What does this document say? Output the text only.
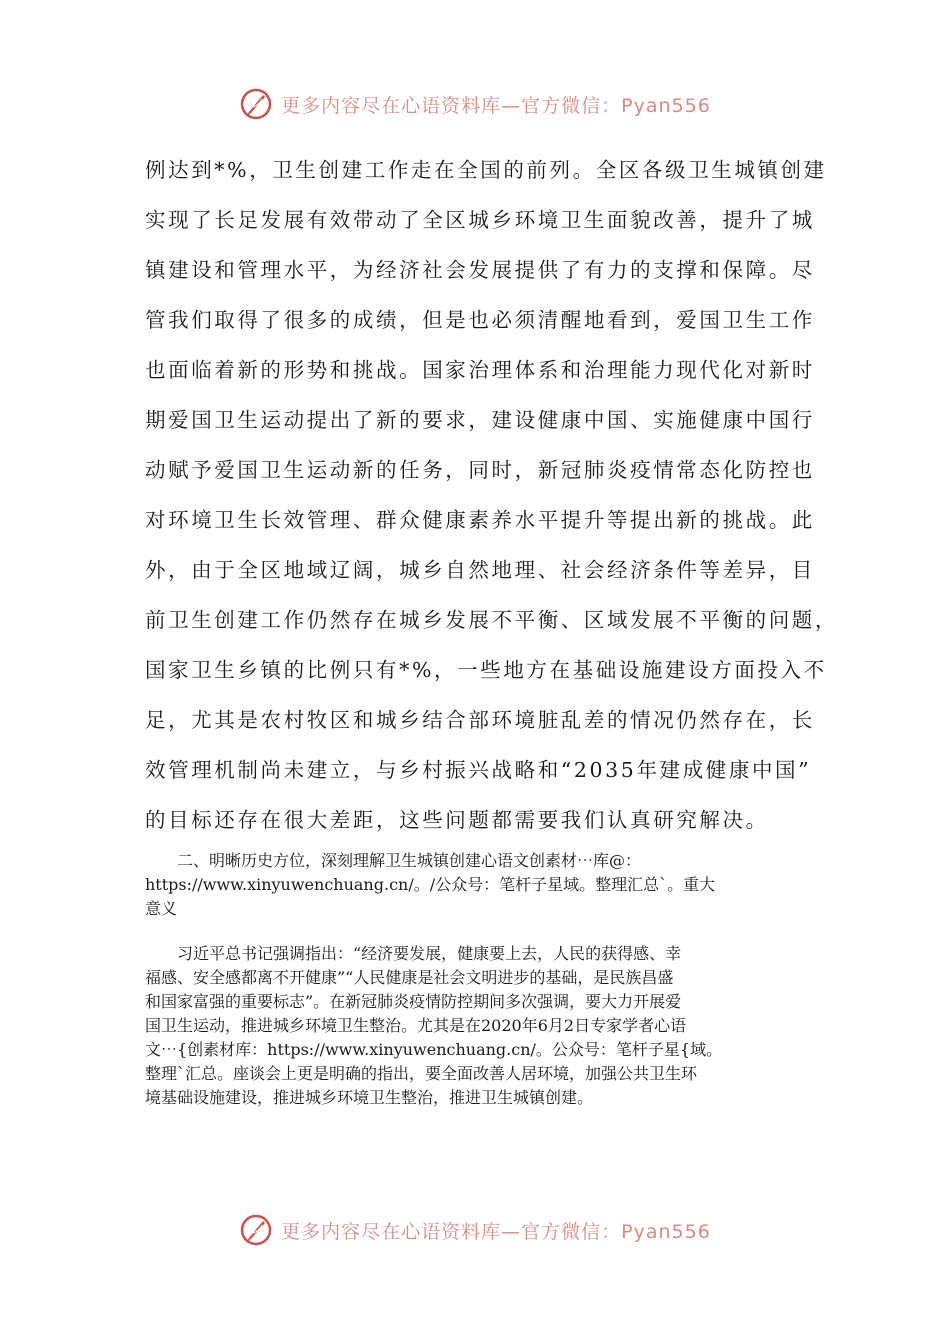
更多内容尽在心语资料库—官方微信：Pyan556
例达到*%，卫生创建工作走在全国的前列。全区各级卫生城镇创建
实现了长足发展有效带动了全区城乡环境卫生面貌改善，提升了城
镇建设和管理水平，为经济社会发展提供了有力的支撑和保障。尽
管我们取得了很多的成绩，但是也必须清醒地看到，爱国卫生工作
也面临着新的形势和挑战。国家治理体系和治理能力现代化对新时
期爱国卫生运动提出了新的要求，建设健康中国、实施健康中国行
动赋予爱国卫生运动新的任务，同时，新冠肺炎疫情常态化防控也
对环境卫生长效管理、群众健康素养水平提升等提出新的挑战。此
外，由于全区地域辽阔，城乡自然地理、社会经济条件等差异，目
前卫生创建工作仍然存在城乡发展不平衡、区域发展不平衡的问题，
国家卫生乡镇的比例只有*%，一些地方在基础设施建设方面投入不
足，尤其是农村牧区和城乡结合部环境脏乱差的情况仍然存在，长
效管理机制尚未建立，与乡村振兴战略和“2035年建成健康中国”
的目标还存在很大差距，这些问题都需要我们认真研究解决。
二、明晰历史方位，深刻理解卫生城镇创建心语文创素材⋯库@：
https://www.xinyuwenchuang.cn/。/公众号：笔杆子星域。整理汇总`。重大
意义
习近平总书记强调指出：“经济要发展，健康要上去，人民的获得感、幸
福感、安全感都离不开健康”“人民健康是社会文明进步的基础，是民族昌盛
和国家富强的重要标志”。在新冠肺炎疫情防控期间多次强调，要大力开展爱
国卫生运动，推进城乡环境卫生整治。尤其是在2020年6月2日专家学者心语
文⋯{创素材库：https://www.xinyuwenchuang.cn/。公众号：笔杆子星{域。
整理`汇总。座谈会上更是明确的指出，要全面改善人居环境，加强公共卫生环
境基础设施建设，推进城乡环境卫生整治，推进卫生城镇创建。
更多内容尽在心语资料库—官方微信：Pyan556
